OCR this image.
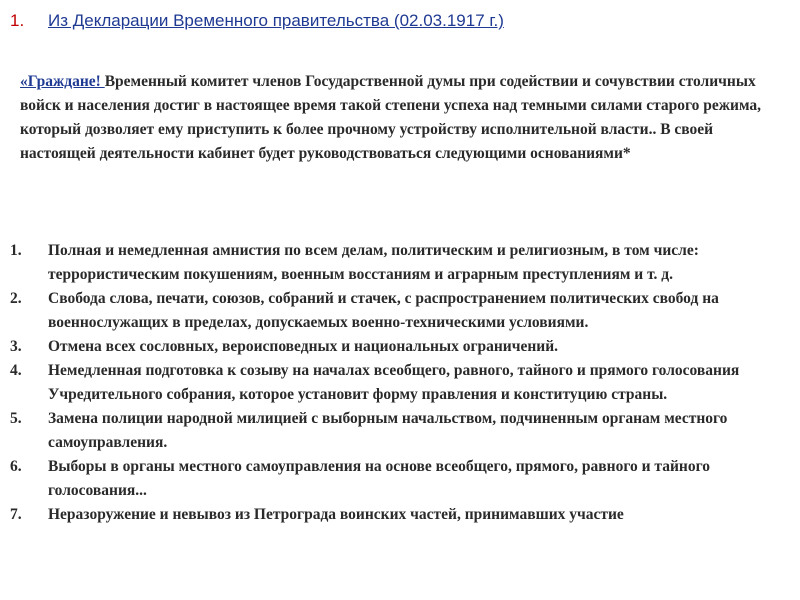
1.	Из Декларации Временного правительства (02.03.1917 г.)
«Граждане! Временный комитет членов Государственной думы при содействии и сочувствии столичных войск и населения достиг в настоящее время такой степени успеха над темными силами старого режима, который дозволяет ему приступить к более прочному устройству исполнительной власти.. В своей настоящей деятельности кабинет будет руководствоваться следующими основаниями*
1.	Полная и немедленная амнистия по всем делам, политическим и религиозным, в том числе: террористическим покушениям, военным восстаниям и аграрным преступлениям и т. д.
2.	Свобода слова, печати, союзов, собраний и стачек, с распространением политических свобод на военнослужащих в пределах, допускаемых военно-техническими условиями.
3.	Отмена всех сословных, вероисповедных и национальных ограничений.
4.	Немедленная подготовка к созыву на началах всеобщего, равного, тайного и прямого голосования Учредительного собрания, которое установит форму правления и конституцию страны.
5.	Замена полиции народной милицией с выборным начальством, подчиненным органам местного самоуправления.
6.	Выборы в органы местного самоуправления на основе всеобщего, прямого, равного и тайного голосования...
7.	Неразоружение и невывоз из Петрограда воинских частей, принимавших участие
